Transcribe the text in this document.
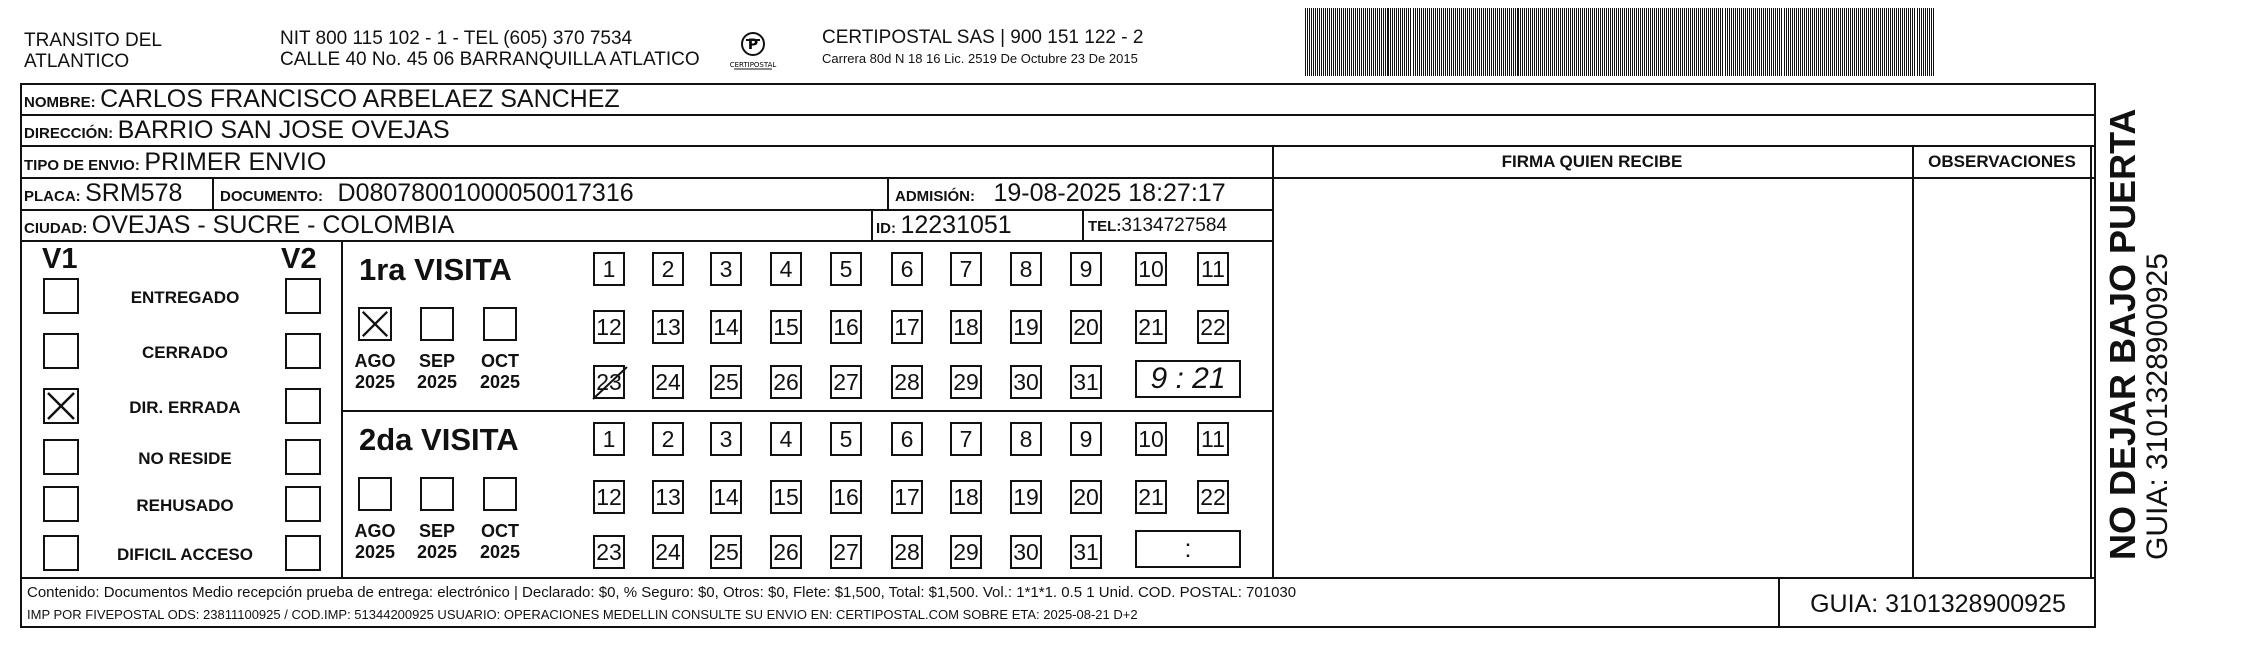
TRANSITO DEL
ATLANTICO
NIT 800 115 102 - 1 - TEL (605) 370 7534
CALLE 40 No. 45 06 BARRANQUILLA ATLATICO
P
CERTIPOSTAL
CERTIPOSTAL SAS | 900 151 122 - 2
Carrera 80d N 18 16 Lic. 2519 De Octubre 23 De 2015
NOMBRE: CARLOS FRANCISCO ARBELAEZ SANCHEZ
DIRECCIÓN: BARRIO SAN JOSE OVEJAS
TIPO DE ENVIO: PRIMER ENVIO	FIRMA QUIEN RECIBE	OBSERVACIONES
PLACA: SRM578	DOCUMENTO: D08078001000050017316	ADMISIÓN: 19-08-2025 18:27:17
CIUDAD: OVEJAS - SUCRE - COLOMBIA	ID: 12231051	TEL:3134727584
V1	V2
ENTREGADO
CERRADO
DIR. ERRADA
NO RESIDE
REHUSADO
DIFICIL ACCESO
1ra VISITA
AGO
2025
SEP
2025
OCT
2025
1	2	3	4	5	6	7	8	9	10 11
12 13 14 15 16 17 18 19 20 21 22
23 24 25 26 27 28 29 30 31	9 : 21
2da VISITA
AGO
2025
SEP
2025
OCT
2025
1	2	3	4	5	6	7	8	9	10 11
12 13 14 15 16 17 18 19 20 21 22
23 24 25 26 27 28 29 30 31	:
Contenido: Documentos Medio recepción prueba de entrega: electrónico | Declarado: $0, % Seguro: $0, Otros: $0, Flete: $1,500, Total: $1,500. Vol.: 1*1*1. 0.5 1 Unid. COD. POSTAL: 701030
IMP POR FIVEPOSTAL ODS: 23811100925 / COD.IMP: 51344200925 USUARIO: OPERACIONES MEDELLIN CONSULTE SU ENVIO EN: CERTIPOSTAL.COM SOBRE ETA: 2025-08-21 D+2	GUIA: 3101328900925
NO DEJAR BAJO PUERTA
GUIA: 3101328900925
